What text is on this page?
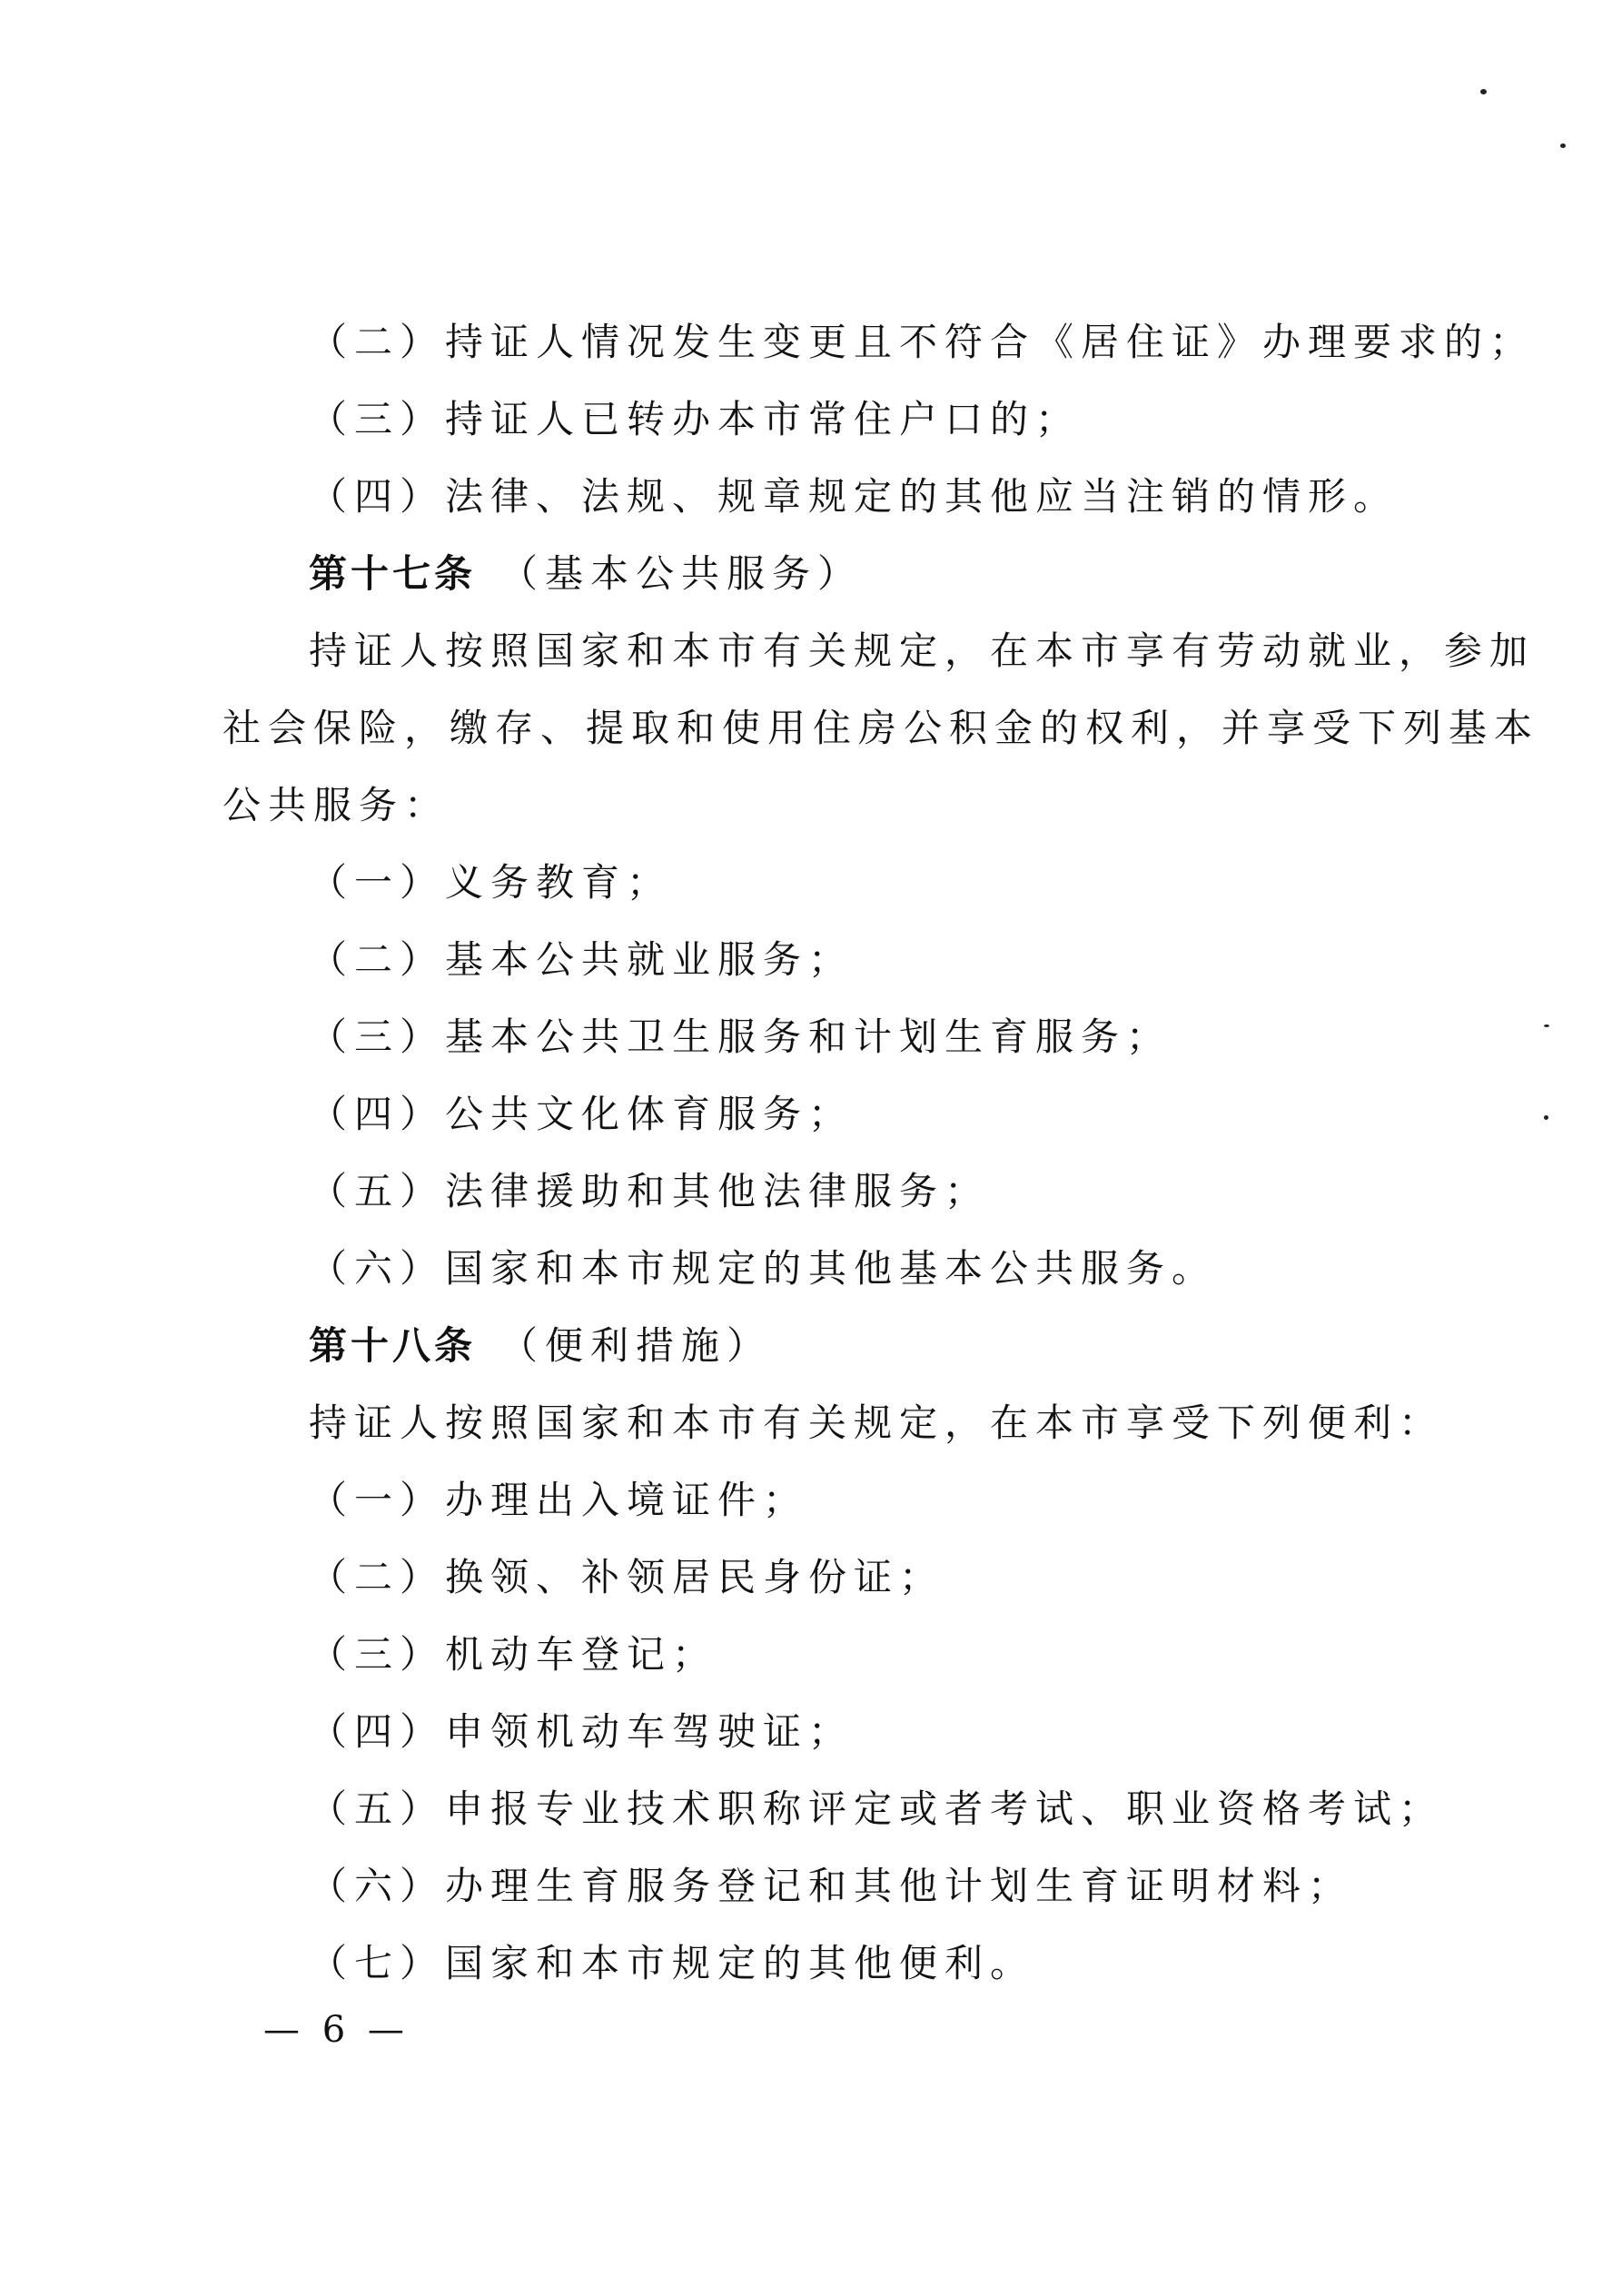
（二）持证人情况发生变更且不符合《居住证》办理要求的；
（三）持证人已转办本市常住户口的；
（四）法律、法规、规章规定的其他应当注销的情形。
第十七条 （基本公共服务）
持证人按照国家和本市有关规定，在本市享有劳动就业，参加
社会保险，缴存、提取和使用住房公积金的权利，并享受下列基本
公共服务：
（一）义务教育；
（二）基本公共就业服务；
（三）基本公共卫生服务和计划生育服务；
（四）公共文化体育服务；
（五）法律援助和其他法律服务；
（六）国家和本市规定的其他基本公共服务。
第十八条 （便利措施）
持证人按照国家和本市有关规定，在本市享受下列便利：
（一）办理出入境证件；
（二）换领、补领居民身份证；
（三）机动车登记；
（四）申领机动车驾驶证；
（五）申报专业技术职称评定或者考试、职业资格考试；
（六）办理生育服务登记和其他计划生育证明材料；
（七）国家和本市规定的其他便利。
— 6 —
